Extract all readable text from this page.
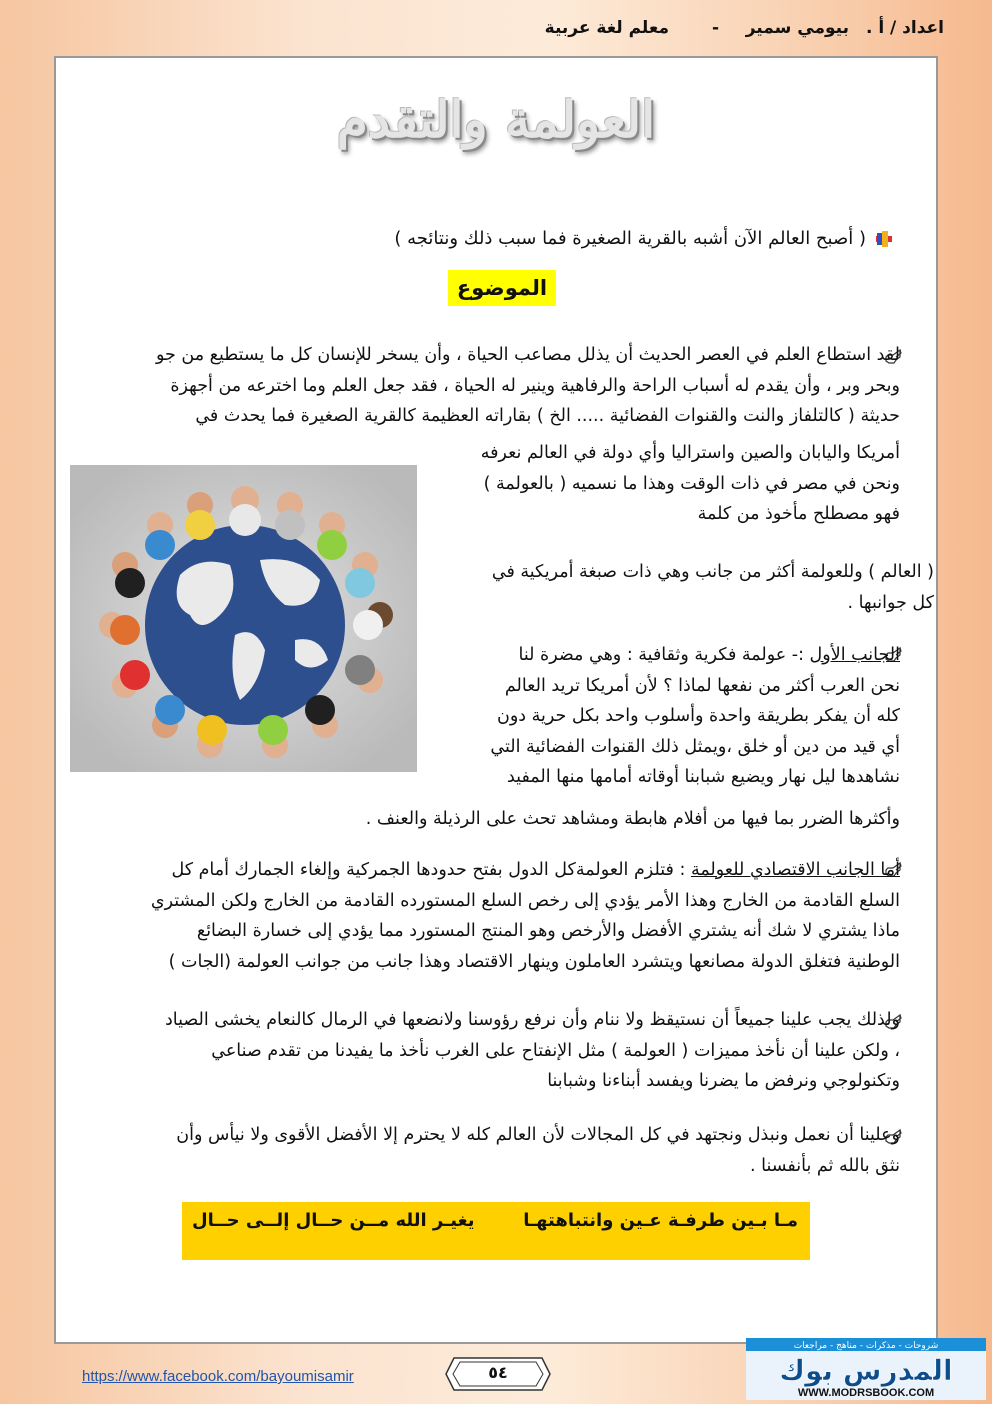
اعداد / أ .
بيومي سمير
-
معلم لغة عربية
العولمة والتقدم
( أصبح العالم الآن أشبه بالقرية الصغيرة فما سبب ذلك ونتائجه )
الموضوع
لقد استطاع العلم في العصر الحديث أن يذلل مصاعب الحياة ، وأن يسخر للإنسان كل ما يستطيع من جو
وبحر وبر ، وأن يقدم له أسباب الراحة والرفاهية وينير له الحياة ، فقد جعل العلم وما اخترعه من أجهزة
حديثة ( كالتلفاز والنت والقنوات الفضائية ..... الخ ) بقاراته العظيمة كالقرية الصغيرة فما يحدث في
أمريكا واليابان والصين واستراليا وأي دولة في العالم نعرفه
ونحن في مصر في ذات الوقت وهذا ما نسميه ( بالعولمة )
فهو مصطلح مأخوذ من كلمة
( العالم ) وللعولمة أكثر من جانب وهي ذات صبغة أمريكية في
كل جوانبها .
الجانب الأول :- عولمة فكرية وثقافية : وهي مضرة لنا
نحن العرب أكثر من نفعها لماذا ؟ لأن أمريكا تريد العالم
كله أن يفكر بطريقة واحدة وأسلوب واحد بكل حرية دون
أي قيد من دين أو خلق ،ويمثل ذلك القنوات الفضائية التي
نشاهدها ليل نهار ويضيع شبابنا أوقاته أمامها منها المفيد
وأكثرها الضرر بما فيها من أفلام هابطة ومشاهد تحث على الرذيلة والعنف .
أما الجانب الاقتصادي للعولمة : فتلزم العولمةكل الدول بفتح حدودها الجمركية وإلغاء الجمارك أمام كل
السلع القادمة من الخارج وهذا الأمر يؤدي إلى رخص السلع المستورده القادمة من الخارج ولكن المشتري
ماذا يشتري لا شك أنه يشتري الأفضل والأرخص وهو المنتج المستورد مما يؤدي إلى خسارة البضائع
الوطنية فتغلق الدولة مصانعها ويتشرد العاملون وينهار الاقتصاد وهذا جانب من جوانب العولمة (الجات )
ولذلك يجب علينا جميعاً أن نستيقظ ولا ننام وأن نرفع رؤوسنا ولانضعها في الرمال كالنعام يخشى الصياد
، ولكن علينا أن نأخذ مميزات ( العولمة ) مثل الإنفتاح على الغرب نأخذ ما يفيدنا من تقدم صناعي
وتكنولوجي ونرفض ما يضرنا ويفسد أبناءنا وشبابنا
وعلينا أن نعمل ونبذل ونجتهد في كل المجالات لأن العالم كله لا يحترم إلا الأفضل الأقوى ولا نيأس وأن
نثق بالله ثم بأنفسنا .
مـا بـين طرفـة عـين وانتباهتهـا
يغيـر الله مــن حــال إلــى حــال
https://www.facebook.com/bayoumisamir	٥٤
شروحات - مذكرات - مناهج - مراجعات
المدرس بوك
WWW.MODRSBOOK.COM
